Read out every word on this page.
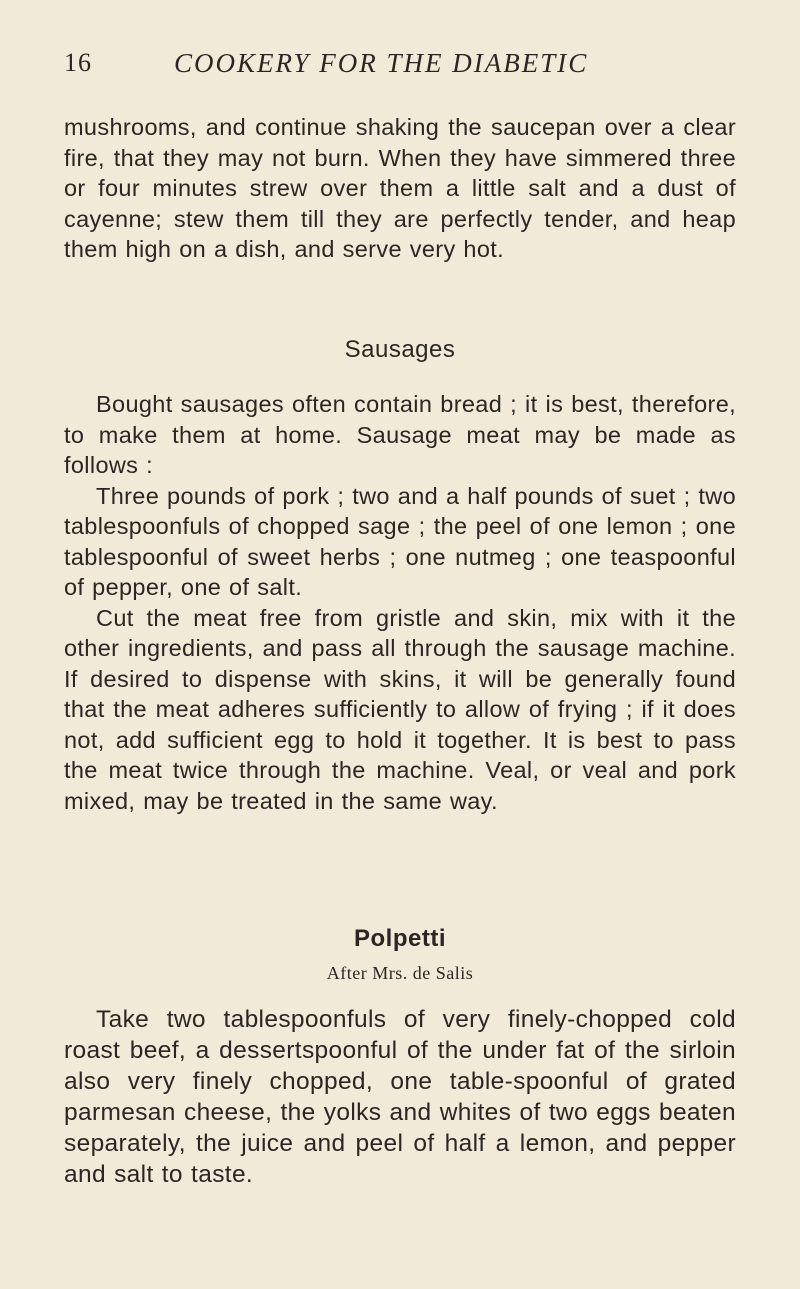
16	COOKERY FOR THE DIABETIC

mushrooms, and continue shaking the saucepan over a clear fire, that they may not burn. When they have simmered three or four minutes strew over them a little salt and a dust of cayenne; stew them till they are perfectly tender, and heap them high on a dish, and serve very hot.

Sausages

Bought sausages often contain bread ; it is best, therefore, to make them at home. Sausage meat may be made as follows :

Three pounds of pork ; two and a half pounds of suet ; two tablespoonfuls of chopped sage ; the peel of one lemon ; one tablespoonful of sweet herbs ; one nutmeg ; one teaspoonful of pepper, one of salt.

Cut the meat free from gristle and skin, mix with it the other ingredients, and pass all through the sausage machine. If desired to dispense with skins, it will be generally found that the meat adheres sufficiently to allow of frying ; if it does not, add sufficient egg to hold it together. It is best to pass the meat twice through the machine. Veal, or veal and pork mixed, may be treated in the same way.

Polpetti
After Mrs. de Salis

Take two tablespoonfuls of very finely-chopped cold roast beef, a dessertspoonful of the under fat of the sirloin also very finely chopped, one table-spoonful of grated parmesan cheese, the yolks and whites of two eggs beaten separately, the juice and peel of half a lemon, and pepper and salt to taste.
